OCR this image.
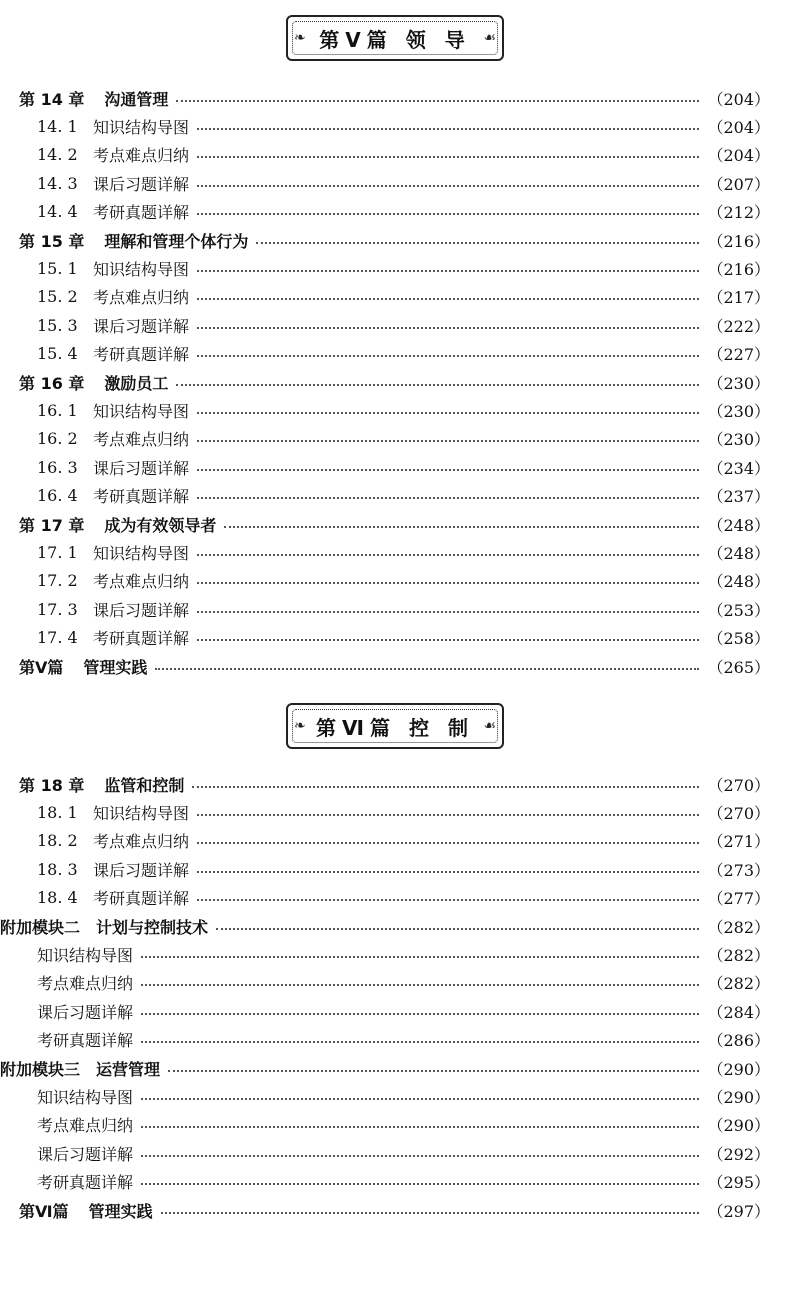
❧ 第Ⅴ篇 领 导 ☙
第 14 章 沟通管理	（204）
14. 1 知识结构导图	（204）
14. 2 考点难点归纳	（204）
14. 3 课后习题详解	（207）
14. 4 考研真题详解	（212）
第 15 章 理解和管理个体行为	（216）
15. 1 知识结构导图	（216）
15. 2 考点难点归纳	（217）
15. 3 课后习题详解	（222）
15. 4 考研真题详解	（227）
第 16 章 激励员工	（230）
16. 1 知识结构导图	（230）
16. 2 考点难点归纳	（230）
16. 3 课后习题详解	（234）
16. 4 考研真题详解	（237）
第 17 章 成为有效领导者	（248）
17. 1 知识结构导图	（248）
17. 2 考点难点归纳	（248）
17. 3 课后习题详解	（253）
17. 4 考研真题详解	（258）
第Ⅴ篇 管理实践	（265）
❧ 第Ⅵ篇 控 制 ☙
第 18 章 监管和控制	（270）
18. 1 知识结构导图	（270）
18. 2 考点难点归纳	（271）
18. 3 课后习题详解	（273）
18. 4 考研真题详解	（277）
附加模块二　计划与控制技术	（282）
知识结构导图	（282）
考点难点归纳	（282）
课后习题详解	（284）
考研真题详解	（286）
附加模块三　运营管理	（290）
知识结构导图	（290）
考点难点归纳	（290）
课后习题详解	（292）
考研真题详解	（295）
第Ⅵ篇 管理实践	（297）
